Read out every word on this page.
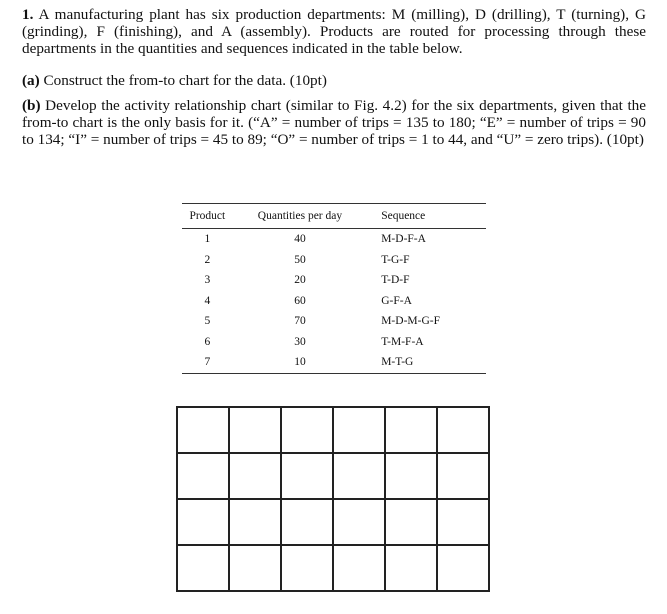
1. A manufacturing plant has six production departments: M (milling), D (drilling), T (turning), G (grinding), F (finishing), and A (assembly). Products are routed for processing through these departments in the quantities and sequences indicated in the table below.

(a) Construct the from-to chart for the data. (10pt)

(b) Develop the activity relationship chart (similar to Fig. 4.2) for the six departments, given that the from-to chart is the only basis for it. (“A” = number of trips = 135 to 180; “E” = number of trips = 90 to 134; “I” = number of trips = 45 to 89; “O” = number of trips = 1 to 44, and “U” = zero trips). (10pt)

Product	Quantities per day	Sequence
1	40	M-D-F-A
2	50	T-G-F
3	20	T-D-F
4	60	G-F-A
5	70	M-D-M-G-F
6	30	T-M-F-A
7	10	M-T-G
